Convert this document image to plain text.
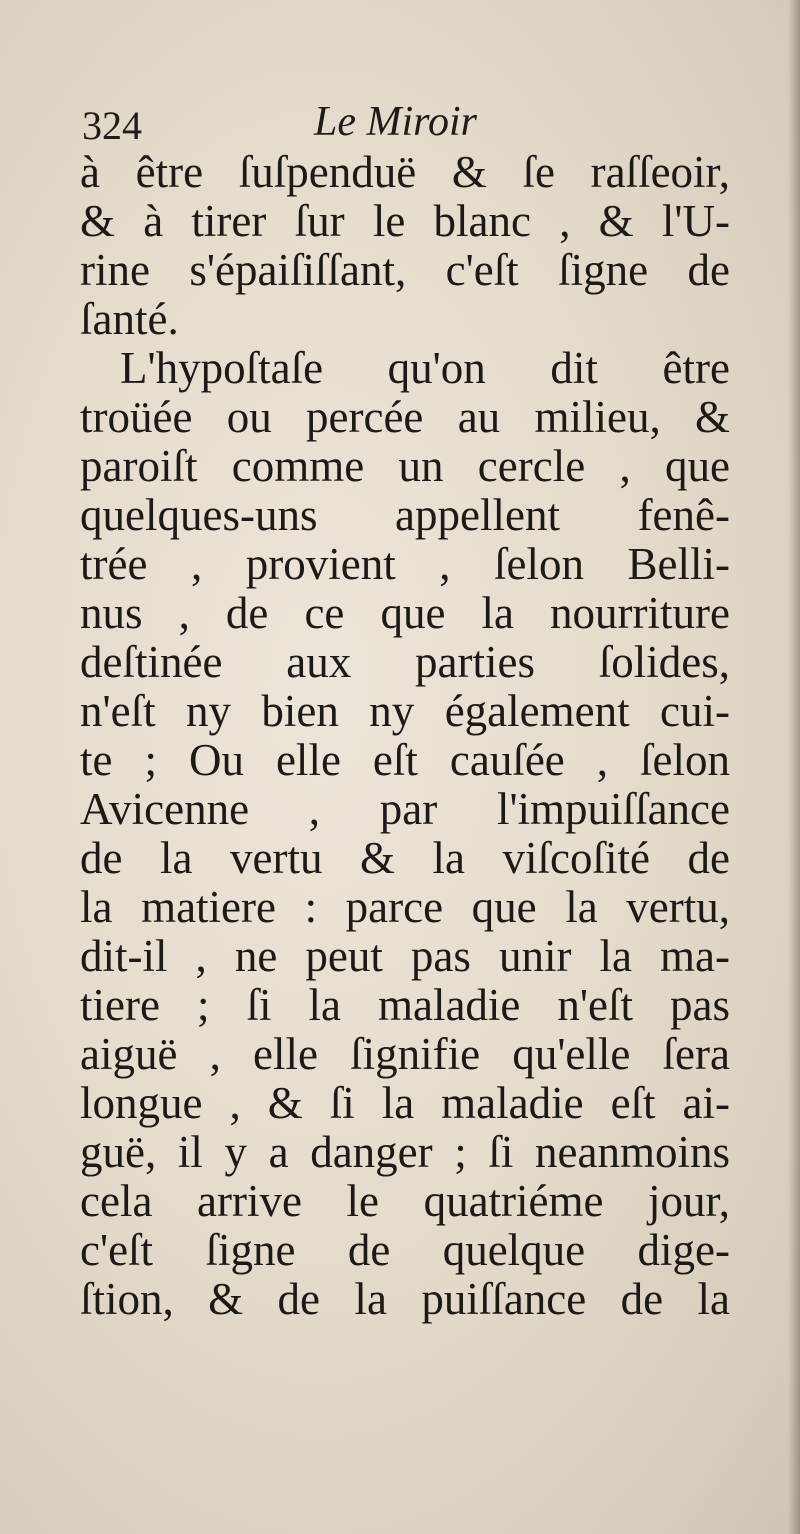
324	Le Miroir
à être ſuſpenduë & ſe raſſeoir,
& à tirer ſur le blanc , & l'U-
rine s'épaiſiſſant, c'eſt ſigne de
ſanté.
L'hypoſtaſe qu'on dit être
troüée ou percée au milieu, &
paroiſt comme un cercle , que
quelques-uns appellent fenê-
trée , provient , ſelon Belli-
nus , de ce que la nourriture
deſtinée aux parties ſolides,
n'eſt ny bien ny également cui-
te ; Ou elle eſt cauſée , ſelon
Avicenne , par l'impuiſſance
de la vertu & la viſcoſité de
la matiere : parce que la vertu,
dit-il , ne peut pas unir la ma-
tiere ; ſi la maladie n'eſt pas
aiguë , elle ſignifie qu'elle ſera
longue , & ſi la maladie eſt ai-
guë, il y a danger ; ſi neanmoins
cela arrive le quatriéme jour,
c'eſt ſigne de quelque dige-
ſtion, & de la puiſſance de la
